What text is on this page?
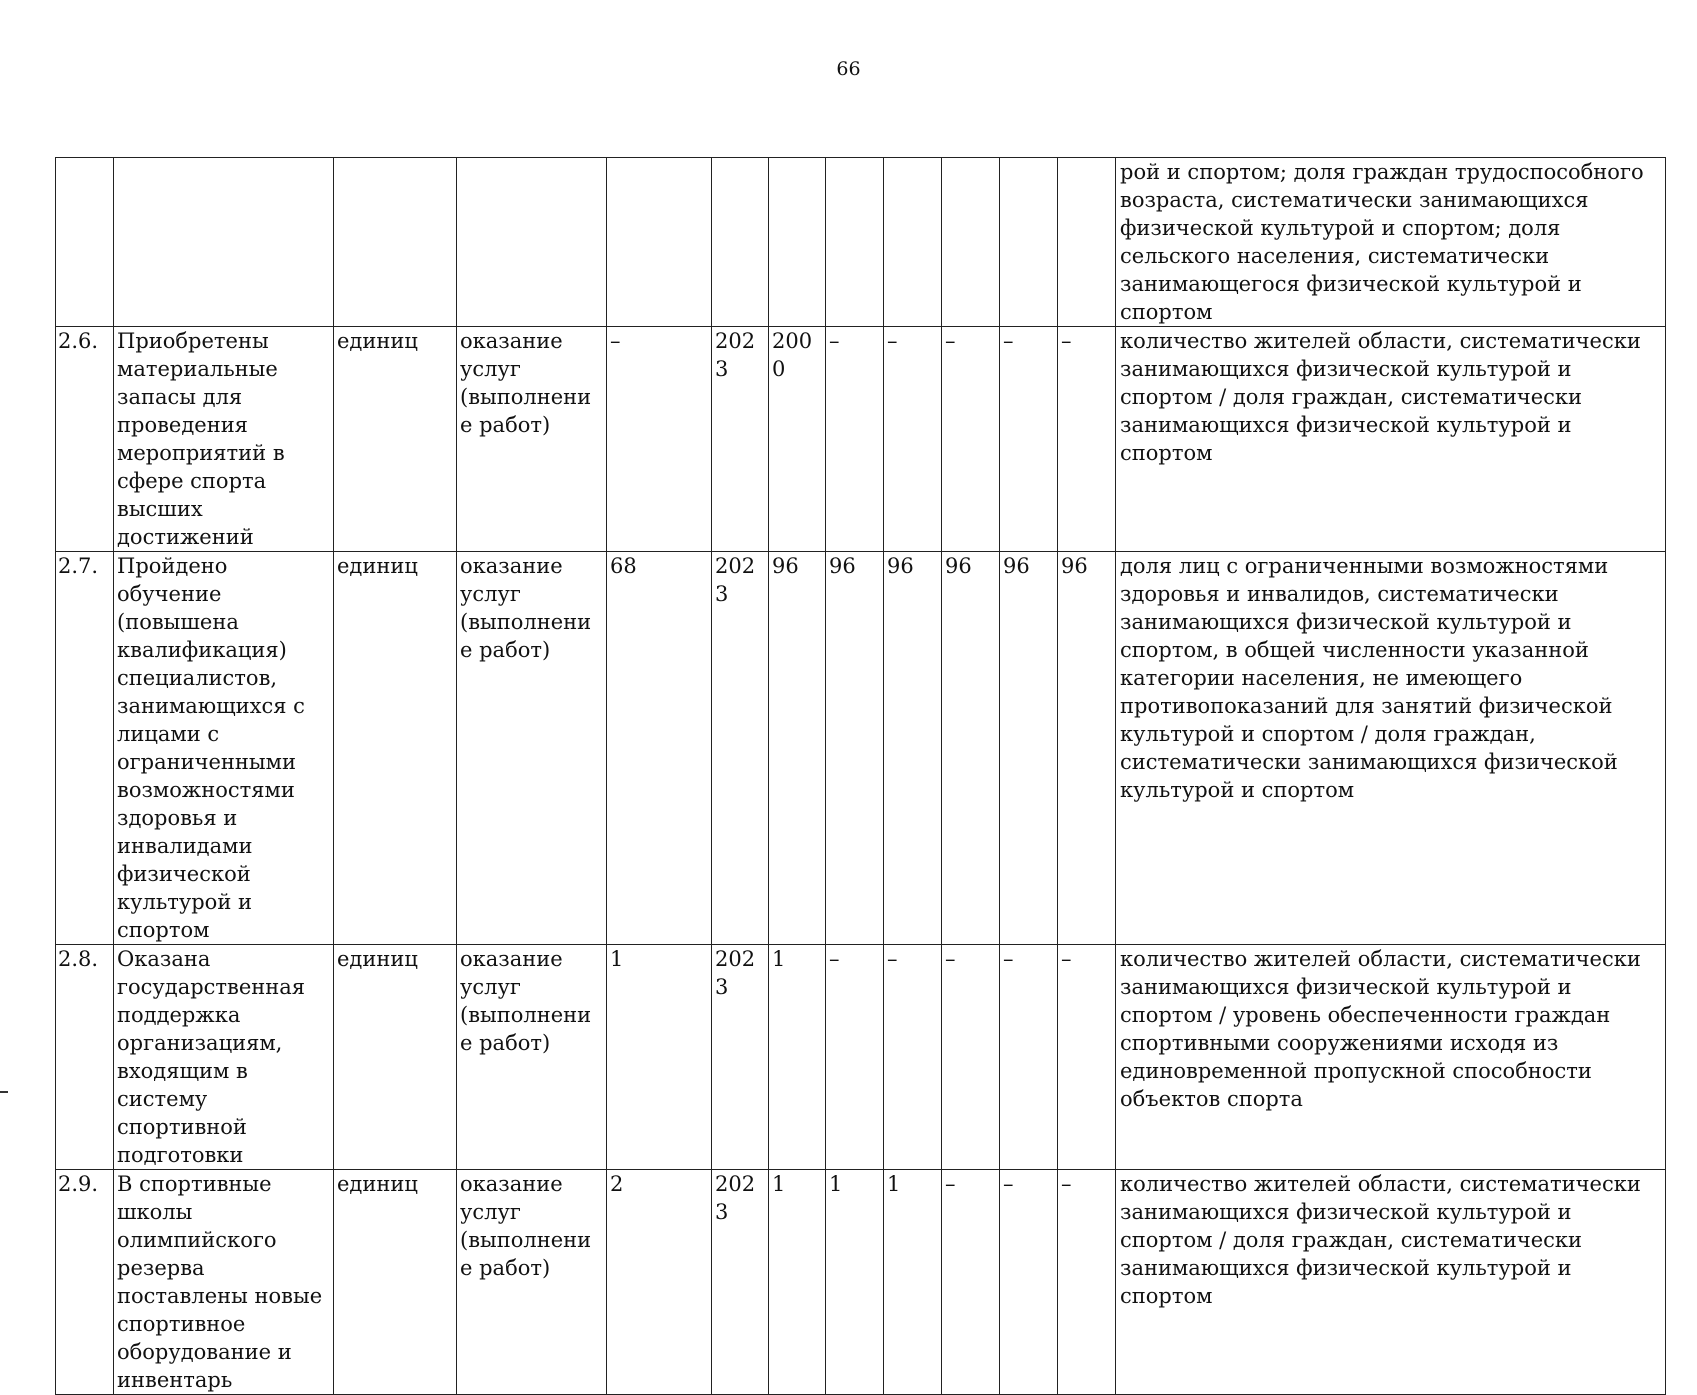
66
												рой и спортом; доля граждан трудоспособного возраста, систематически занимающихся физической культурой и спортом; доля сельского населения, систематически занимающегося физической культурой и спортом
2.6.	Приобретены материальные запасы для проведения мероприятий в сфере спорта высших достижений	единиц	оказание услуг (выполнение работ)	–	2023	2000	–	–	–	–	–	количество жителей области, систематически занимающихся физической культурой и спортом / доля граждан, систематически занимающихся физической культурой и спортом
2.7.	Пройдено обучение (повышена квалификация) специалистов, занимающихся с лицами с ограниченными возможностями здоровья и инвалидами физической культурой и спортом	единиц	оказание услуг (выполнение работ)	68	2023	96	96	96	96	96	96	доля лиц с ограниченными возможностями здоровья и инвалидов, систематически занимающихся физической культурой и спортом, в общей численности указанной категории населения, не имеющего противопоказаний для занятий физической культурой и спортом / доля граждан, систематически занимающихся физической культурой и спортом
2.8.	Оказана государственная поддержка организациям, входящим в систему спортивной подготовки	единиц	оказание услуг (выполнение работ)	1	2023	1	–	–	–	–	–	количество жителей области, систематически занимающихся физической культурой и спортом / уровень обеспеченности граждан спортивными сооружениями исходя из единовременной пропускной способности объектов спорта
2.9.	В спортивные школы олимпийского резерва поставлены новые спортивное оборудование и инвентарь	единиц	оказание услуг (выполнение работ)	2	2023	1	1	1	–	–	–	количество жителей области, систематически занимающихся физической культурой и спортом / доля граждан, систематически занимающихся физической культурой и спортом
